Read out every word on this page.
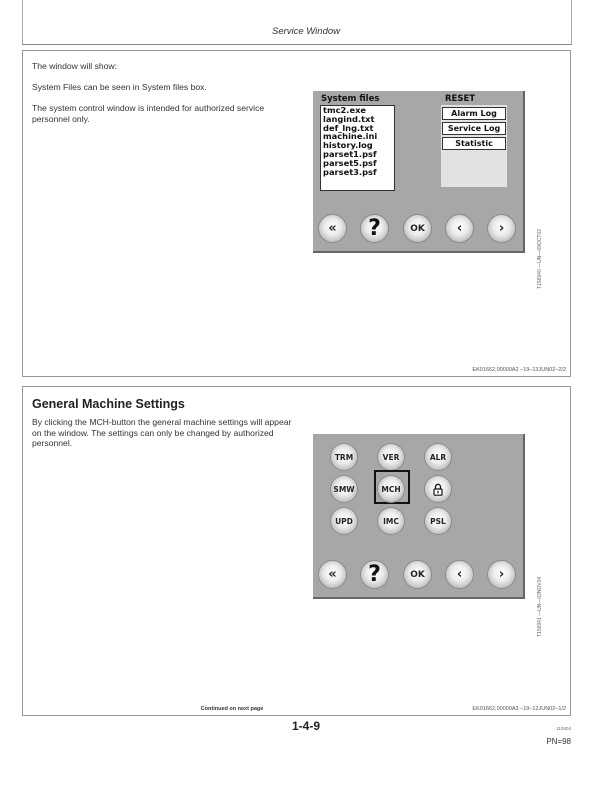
Service Window
The window will show:
System Files can be seen in System files box.
The system control window is intended for authorized service personnel only.
System files	RESET
tmc2.exe
langind.txt
def_lng.txt
machine.ini
history.log
parset1.psf
parset5.psf
parset3.psf
Alarm Log
Service Log
Statistic
« ?	OK ‹	›
T156940 —UN—09OCT02
EK01662,00000A2 –19–13JUN02–2/2
General Machine Settings
By clicking the MCH-button the general machine settings will appear on the window. The settings can only be changed by authorized personnel.
TRM	VER	ALR
SMW	MCH
UPD	IMC	PSL
« ?	OK ‹	›
T156941 —UN—02NOV04
Continued on next page	EK01662,00000A3 –19–12JUN02–1/2
1-4-9	110404
PN=98
